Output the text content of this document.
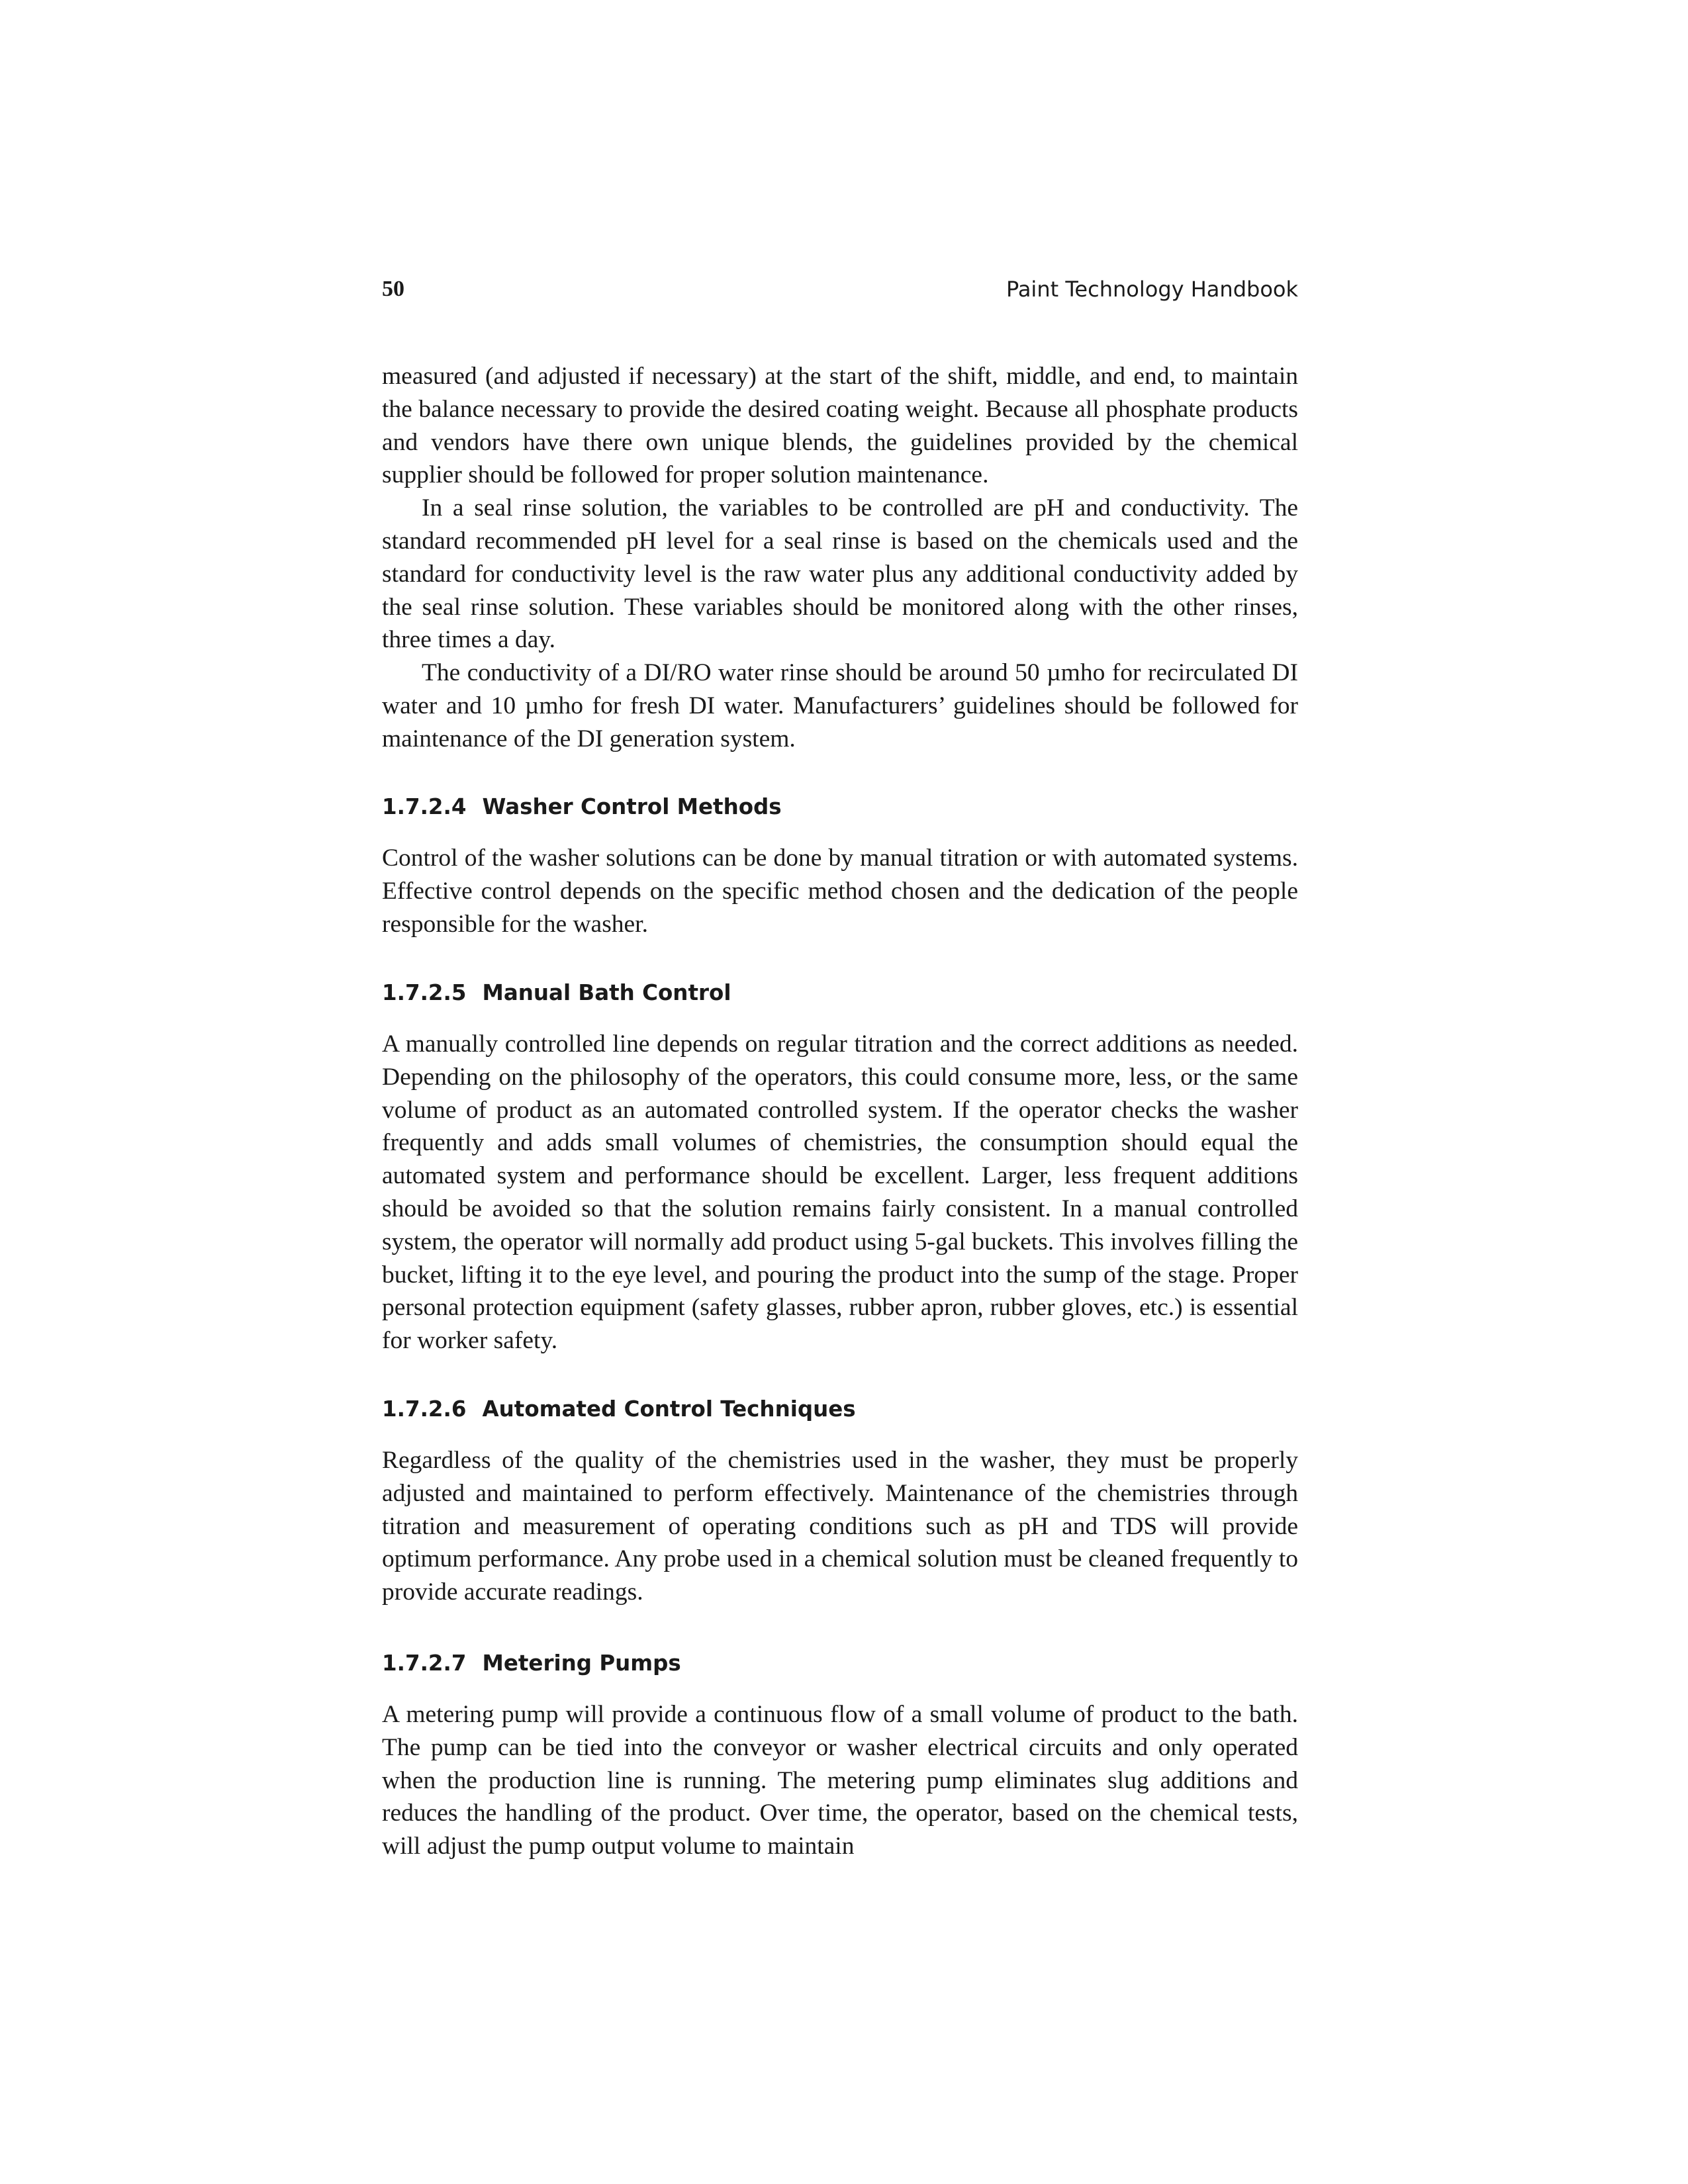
50	Paint Technology Handbook

measured (and adjusted if necessary) at the start of the shift, middle, and end, to maintain the balance necessary to provide the desired coating weight. Because all phosphate products and vendors have there own unique blends, the guidelines provided by the chemical supplier should be followed for proper solution maintenance.

In a seal rinse solution, the variables to be controlled are pH and conductivity. The standard recommended pH level for a seal rinse is based on the chemicals used and the standard for conductivity level is the raw water plus any additional conductivity added by the seal rinse solution. These variables should be monitored along with the other rinses, three times a day.

The conductivity of a DI/RO water rinse should be around 50 µmho for recirculated DI water and 10 µmho for fresh DI water. Manufacturers’ guidelines should be followed for maintenance of the DI generation system.

1.7.2.4 Washer Control Methods

Control of the washer solutions can be done by manual titration or with automated systems. Effective control depends on the specific method chosen and the dedication of the people responsible for the washer.

1.7.2.5 Manual Bath Control

A manually controlled line depends on regular titration and the correct additions as needed. Depending on the philosophy of the operators, this could consume more, less, or the same volume of product as an automated controlled system. If the operator checks the washer frequently and adds small volumes of chemistries, the consumption should equal the automated system and performance should be excellent. Larger, less frequent additions should be avoided so that the solution remains fairly consistent. In a manual controlled system, the operator will normally add product using 5-gal buckets. This involves filling the bucket, lifting it to the eye level, and pouring the product into the sump of the stage. Proper personal protection equipment (safety glasses, rubber apron, rubber gloves, etc.) is essential for worker safety.

1.7.2.6 Automated Control Techniques

Regardless of the quality of the chemistries used in the washer, they must be properly adjusted and maintained to perform effectively. Maintenance of the chemistries through titration and measurement of operating conditions such as pH and TDS will provide optimum performance. Any probe used in a chemical solution must be cleaned frequently to provide accurate readings.

1.7.2.7 Metering Pumps

A metering pump will provide a continuous flow of a small volume of product to the bath. The pump can be tied into the conveyor or washer electrical circuits and only operated when the production line is running. The metering pump eliminates slug additions and reduces the handling of the product. Over time, the operator, based on the chemical tests, will adjust the pump output volume to maintain
